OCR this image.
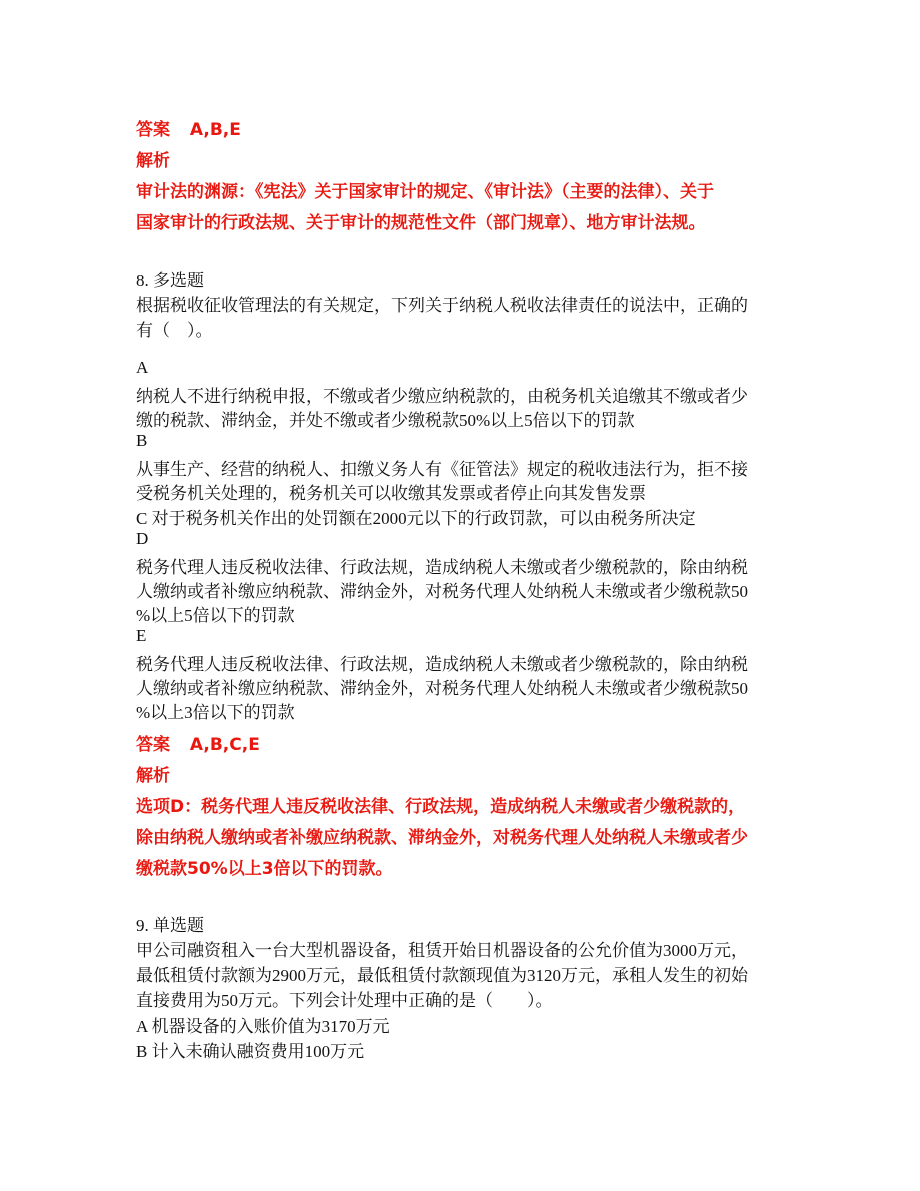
答案 A,B,E
解析
审计法的渊源：《宪法》关于国家审计的规定、《审计法》（主要的法律）、关于
国家审计的行政法规、关于审计的规范性文件（部门规章）、地方审计法规。
8. 多选题
根据税收征收管理法的有关规定，下列关于纳税人税收法律责任的说法中，正确的
有（　）。
A
纳税人不进行纳税申报，不缴或者少缴应纳税款的，由税务机关追缴其不缴或者少
缴的税款、滞纳金，并处不缴或者少缴税款50%以上5倍以下的罚款
B
从事生产、经营的纳税人、扣缴义务人有《征管法》规定的税收违法行为，拒不接
受税务机关处理的，税务机关可以收缴其发票或者停止向其发售发票
C 对于税务机关作出的处罚额在2000元以下的行政罚款，可以由税务所决定
D
税务代理人违反税收法律、行政法规，造成纳税人未缴或者少缴税款的，除由纳税
人缴纳或者补缴应纳税款、滞纳金外，对税务代理人处纳税人未缴或者少缴税款50
%以上5倍以下的罚款
E
税务代理人违反税收法律、行政法规，造成纳税人未缴或者少缴税款的，除由纳税
人缴纳或者补缴应纳税款、滞纳金外，对税务代理人处纳税人未缴或者少缴税款50
%以上3倍以下的罚款
答案 A,B,C,E
解析
选项D：税务代理人违反税收法律、行政法规，造成纳税人未缴或者少缴税款的，
除由纳税人缴纳或者补缴应纳税款、滞纳金外，对税务代理人处纳税人未缴或者少
缴税款50%以上3倍以下的罚款。
9. 单选题
甲公司融资租入一台大型机器设备，租赁开始日机器设备的公允价值为3000万元，
最低租赁付款额为2900万元，最低租赁付款额现值为3120万元，承租人发生的初始
直接费用为50万元。下列会计处理中正确的是（　　）。
A 机器设备的入账价值为3170万元
B 计入未确认融资费用100万元
